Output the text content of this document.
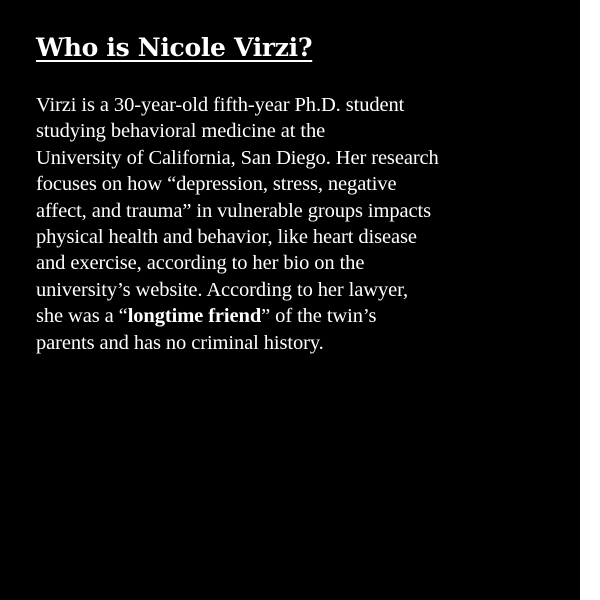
Who is Nicole Virzi?

Virzi is a 30-year-old fifth-year Ph.D. student
studying behavioral medicine at the
University of California, San Diego. Her research
focuses on how “depression, stress, negative
affect, and trauma” in vulnerable groups impacts
physical health and behavior, like heart disease
and exercise, according to her bio on the
university’s website. According to her lawyer,
she was a “longtime friend” of the twin’s
parents and has no criminal history.
